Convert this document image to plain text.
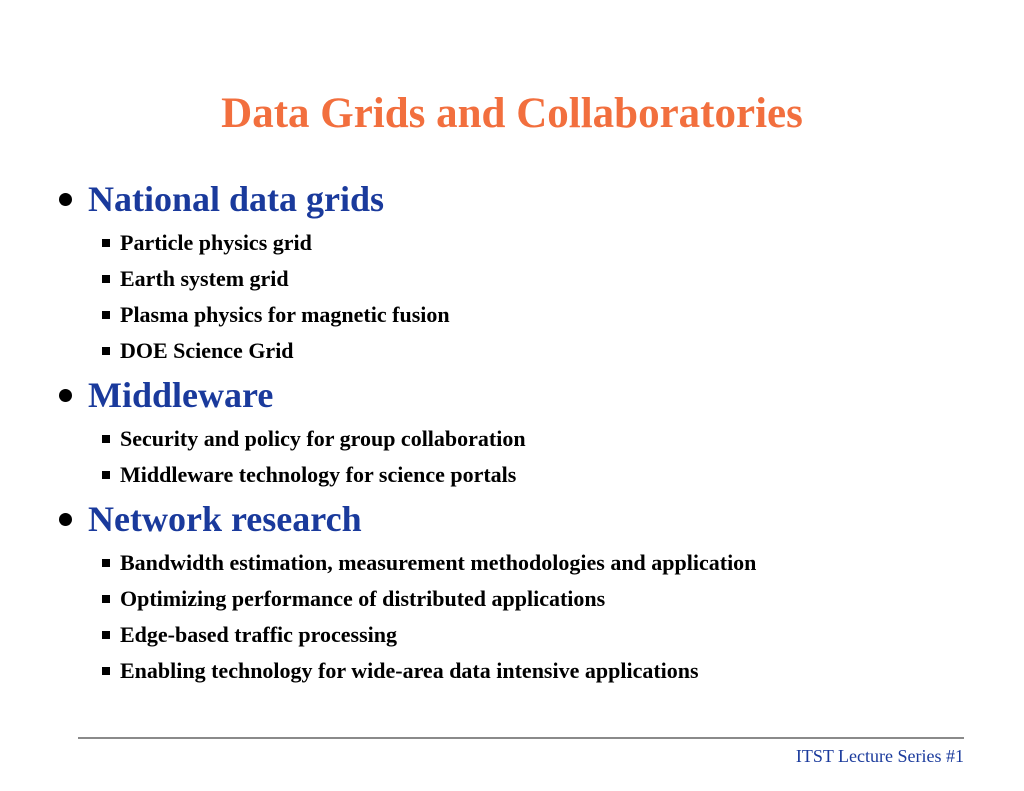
Data Grids and Collaboratories
National data grids
Particle physics grid
Earth system grid
Plasma physics for magnetic fusion
DOE Science Grid
Middleware
Security and policy for group collaboration
Middleware technology for science portals
Network research
Bandwidth estimation, measurement methodologies and application
Optimizing performance of distributed applications
Edge-based traffic processing
Enabling technology for wide-area data intensive applications
ITST Lecture Series #1
